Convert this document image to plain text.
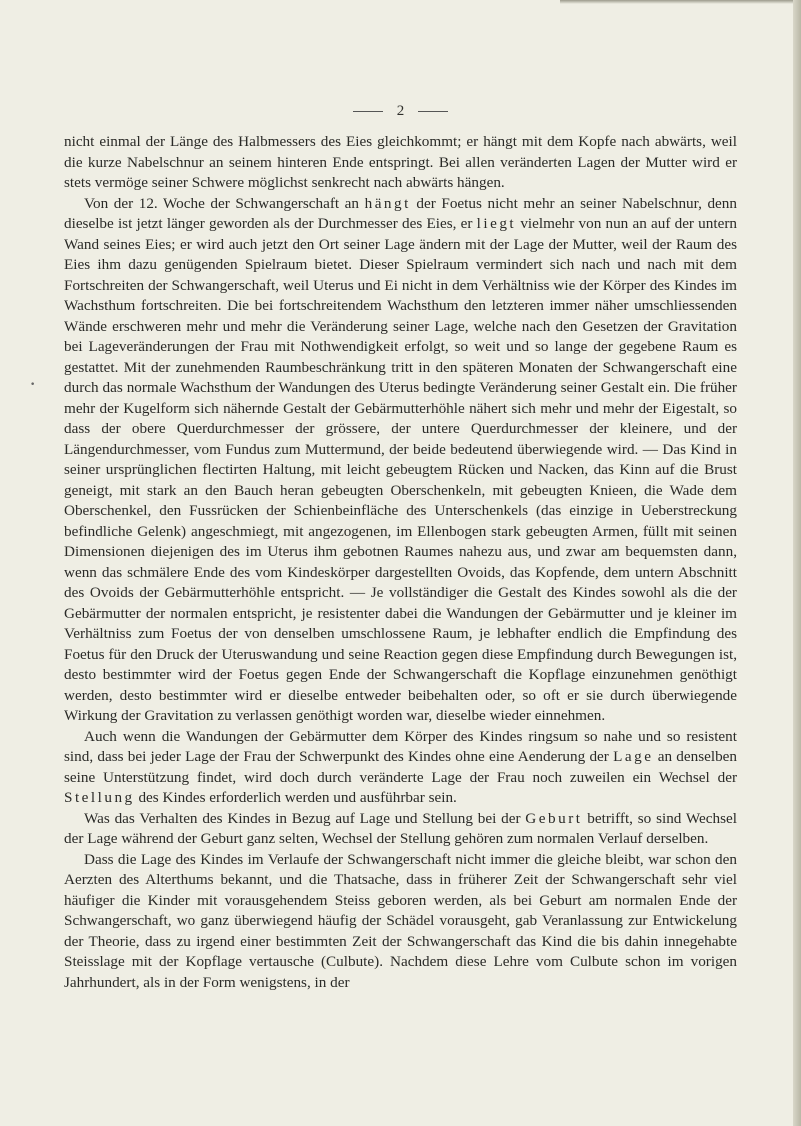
2

nicht einmal der Länge des Halbmessers des Eies gleichkommt; er hängt mit dem Kopfe nach abwärts, weil die kurze Nabelschnur an seinem hinteren Ende entspringt. Bei allen veränderten Lagen der Mutter wird er stets vermöge seiner Schwere möglichst senkrecht nach abwärts hängen.

Von der 12. Woche der Schwangerschaft an hängt der Foetus nicht mehr an seiner Nabelschnur, denn dieselbe ist jetzt länger geworden als der Durchmesser des Eies, er liegt vielmehr von nun an auf der untern Wand seines Eies; er wird auch jetzt den Ort seiner Lage ändern mit der Lage der Mutter, weil der Raum des Eies ihm dazu genügenden Spielraum bietet. Dieser Spielraum vermindert sich nach und nach mit dem Fortschreiten der Schwangerschaft, weil Uterus und Ei nicht in dem Verhältniss wie der Körper des Kindes im Wachsthum fortschreiten. Die bei fortschreitendem Wachsthum den letzteren immer näher umschliessenden Wände erschweren mehr und mehr die Veränderung seiner Lage, welche nach den Gesetzen der Gravitation bei Lageveränderungen der Frau mit Nothwendigkeit erfolgt, so weit und so lange der gegebene Raum es gestattet. Mit der zunehmenden Raumbeschränkung tritt in den späteren Monaten der Schwangerschaft eine durch das normale Wachsthum der Wandungen des Uterus bedingte Veränderung seiner Gestalt ein. Die früher mehr der Kugelform sich nähernde Gestalt der Gebärmutterhöhle nähert sich mehr und mehr der Eigestalt, so dass der obere Querdurchmesser der grössere, der untere Querdurchmesser der kleinere, und der Längendurchmesser, vom Fundus zum Muttermund, der beide bedeutend überwiegende wird. — Das Kind in seiner ursprünglichen flectirten Haltung, mit leicht gebeugtem Rücken und Nacken, das Kinn auf die Brust geneigt, mit stark an den Bauch heran gebeugten Oberschenkeln, mit gebeugten Knieen, die Wade dem Oberschenkel, den Fussrücken der Schienbeinfläche des Unterschenkels (das einzige in Ueberstreckung befindliche Gelenk) angeschmiegt, mit angezogenen, im Ellenbogen stark gebeugten Armen, füllt mit seinen Dimensionen diejenigen des im Uterus ihm gebotnen Raumes nahezu aus, und zwar am bequemsten dann, wenn das schmälere Ende des vom Kindeskörper dargestellten Ovoids, das Kopfende, dem untern Abschnitt des Ovoids der Gebärmutterhöhle entspricht. — Je vollständiger die Gestalt des Kindes sowohl als die der Gebärmutter der normalen entspricht, je resistenter dabei die Wandungen der Gebärmutter und je kleiner im Verhältniss zum Foetus der von denselben umschlossene Raum, je lebhafter endlich die Empfindung des Foetus für den Druck der Uteruswandung und seine Reaction gegen diese Empfindung durch Bewegungen ist, desto bestimmter wird der Foetus gegen Ende der Schwangerschaft die Kopflage einzunehmen genöthigt werden, desto bestimmter wird er dieselbe entweder beibehalten oder, so oft er sie durch überwiegende Wirkung der Gravitation zu verlassen genöthigt worden war, dieselbe wieder einnehmen.

Auch wenn die Wandungen der Gebärmutter dem Körper des Kindes ringsum so nahe und so resistent sind, dass bei jeder Lage der Frau der Schwerpunkt des Kindes ohne eine Aenderung der Lage an denselben seine Unterstützung findet, wird doch durch veränderte Lage der Frau noch zuweilen ein Wechsel der Stellung des Kindes erforderlich werden und ausführbar sein.

Was das Verhalten des Kindes in Bezug auf Lage und Stellung bei der Geburt betrifft, so sind Wechsel der Lage während der Geburt ganz selten, Wechsel der Stellung gehören zum normalen Verlauf derselben.

Dass die Lage des Kindes im Verlaufe der Schwangerschaft nicht immer die gleiche bleibt, war schon den Aerzten des Alterthums bekannt, und die Thatsache, dass in früherer Zeit der Schwangerschaft sehr viel häufiger die Kinder mit vorausgehendem Steiss geboren werden, als bei Geburt am normalen Ende der Schwangerschaft, wo ganz überwiegend häufig der Schädel vorausgeht, gab Veranlassung zur Entwickelung der Theorie, dass zu irgend einer bestimmten Zeit der Schwangerschaft das Kind die bis dahin innegehabte Steisslage mit der Kopflage vertausche (Culbute). Nachdem diese Lehre vom Culbute schon im vorigen Jahrhundert, als in der Form wenigstens, in der

•
